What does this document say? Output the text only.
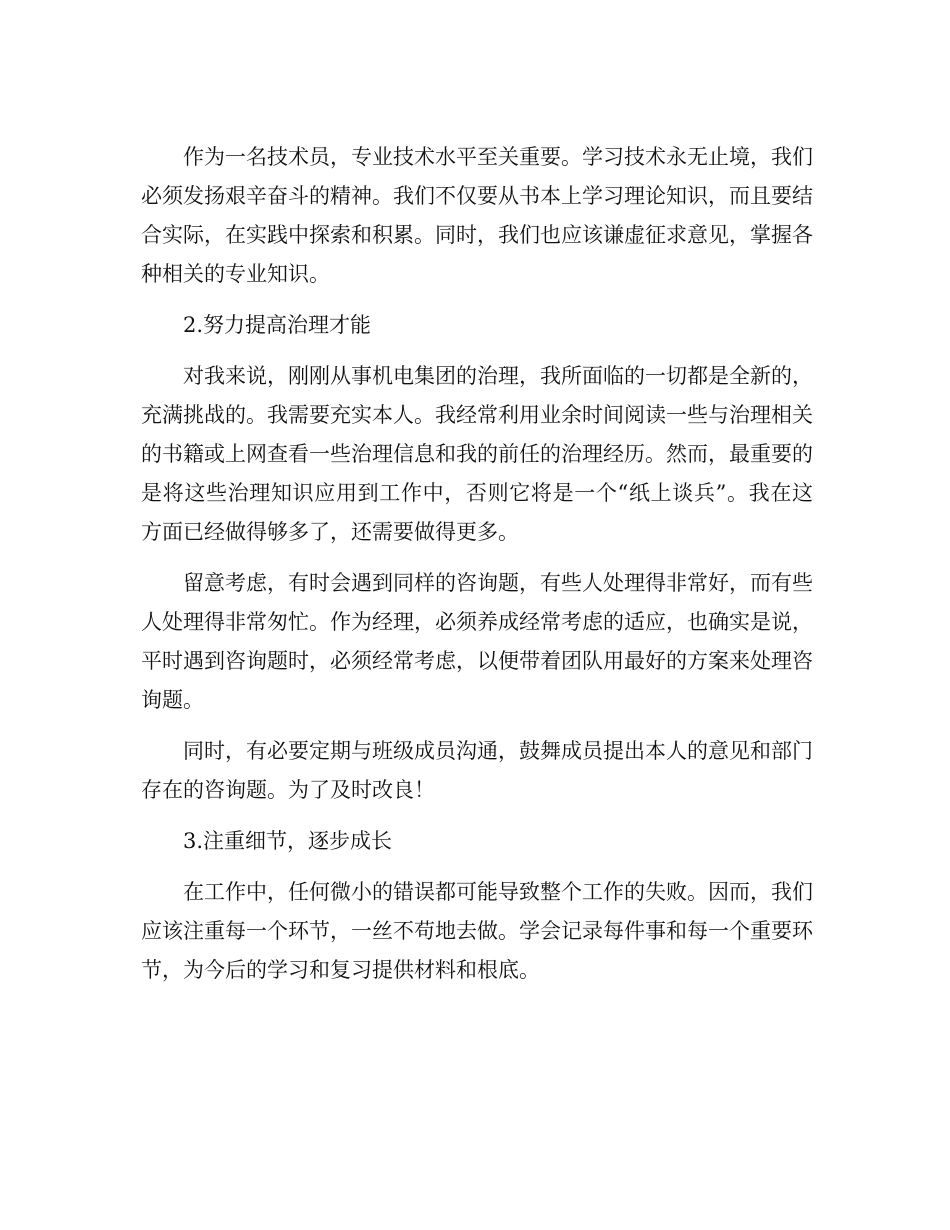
作为一名技术员，专业技术水平至关重要。学习技术永无止境，我们必须发扬艰辛奋斗的精神。我们不仅要从书本上学习理论知识，而且要结合实际，在实践中探索和积累。同时，我们也应该谦虚征求意见，掌握各种相关的专业知识。

2.努力提高治理才能

对我来说，刚刚从事机电集团的治理，我所面临的一切都是全新的，充满挑战的。我需要充实本人。我经常利用业余时间阅读一些与治理相关的书籍或上网查看一些治理信息和我的前任的治理经历。然而，最重要的是将这些治理知识应用到工作中，否则它将是一个“纸上谈兵”。我在这方面已经做得够多了，还需要做得更多。

留意考虑，有时会遇到同样的咨询题，有些人处理得非常好，而有些人处理得非常匆忙。作为经理，必须养成经常考虑的适应，也确实是说，平时遇到咨询题时，必须经常考虑，以便带着团队用最好的方案来处理咨询题。

同时，有必要定期与班级成员沟通，鼓舞成员提出本人的意见和部门存在的咨询题。为了及时改良！

3.注重细节，逐步成长

在工作中，任何微小的错误都可能导致整个工作的失败。因而，我们应该注重每一个环节，一丝不苟地去做。学会记录每件事和每一个重要环节，为今后的学习和复习提供材料和根底。
